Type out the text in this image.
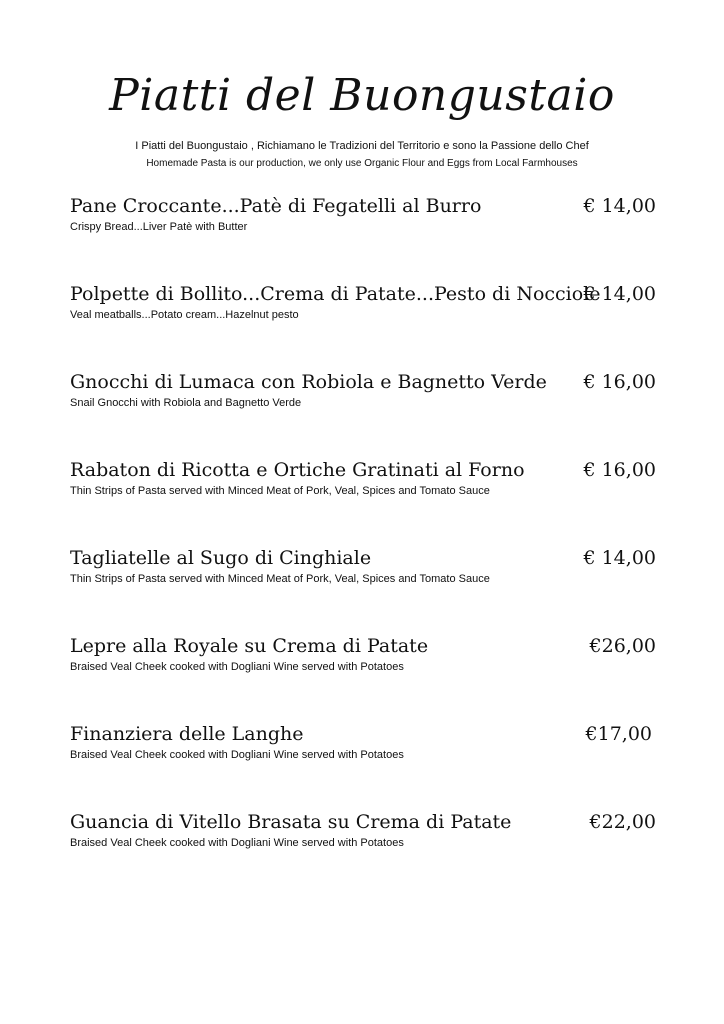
Piatti del Buongustaio

I Piatti del Buongustaio , Richiamano le Tradizioni del Territorio e sono la Passione dello Chef

Homemade Pasta is our production, we only use Organic Flour and Eggs from Local Farmhouses

Pane Croccante...Patè di Fegatelli al Burro	€ 14,00
Crispy Bread...Liver Patè with Butter
Polpette di Bollito...Crema di Patate...Pesto di Nocciole
€ 14,00
Veal meatballs...Potato cream...Hazelnut pesto
Gnocchi di Lumaca con Robiola e Bagnetto Verde € 16,00
Snail Gnocchi with Robiola and Bagnetto Verde
Rabaton di Ricotta e Ortiche Gratinati al Forno	€ 16,00
Thin Strips of Pasta served with Minced Meat of Pork, Veal, Spices and Tomato Sauce
Tagliatelle al Sugo di Cinghiale	€ 14,00
Thin Strips of Pasta served with Minced Meat of Pork, Veal, Spices and Tomato Sauce
Lepre alla Royale su Crema di Patate	€26,00
Braised Veal Cheek cooked with Dogliani Wine served with Potatoes
Finanziera delle Langhe	€17,00
Braised Veal Cheek cooked with Dogliani Wine served with Potatoes
Guancia di Vitello Brasata su Crema di Patate	€22,00
Braised Veal Cheek cooked with Dogliani Wine served with Potatoes
